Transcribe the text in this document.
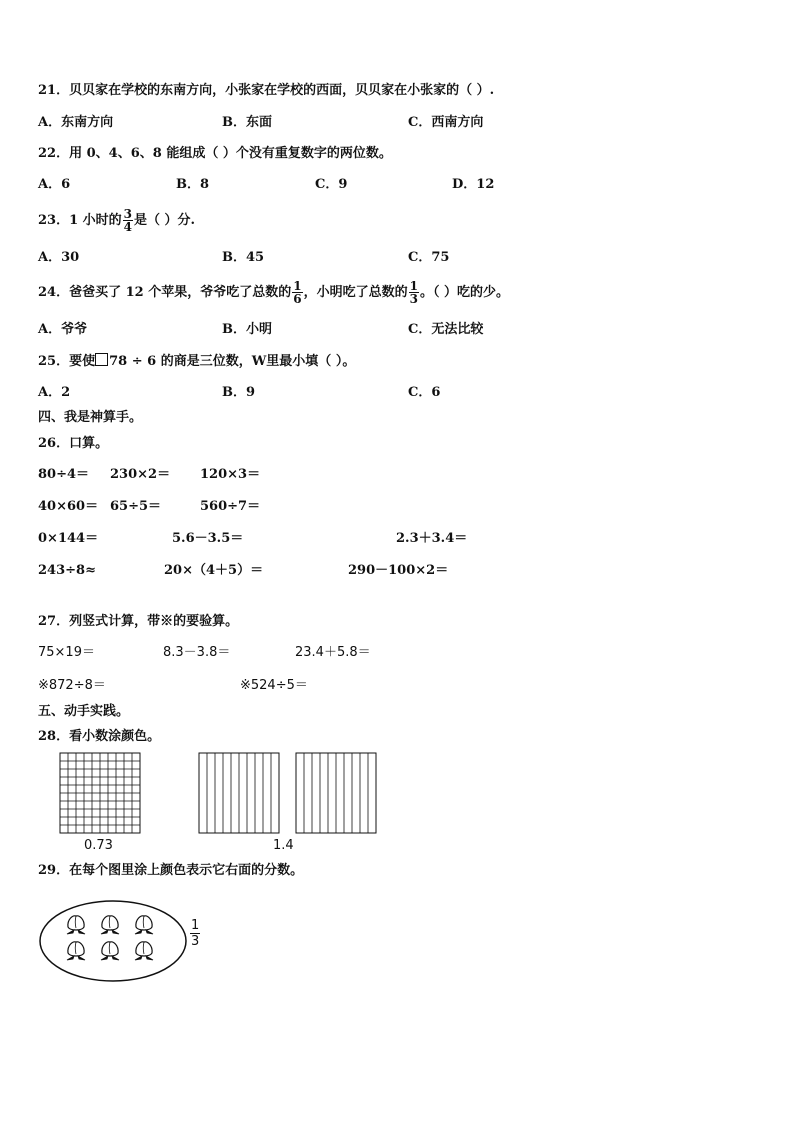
21．贝贝家在学校的东南方向，小张家在学校的西面，贝贝家在小张家的（ ）.
A．东南方向	B．东面	C．西南方向
22．用 0、4、6、8 能组成（ ）个没有重复数字的两位数。
A．6	B．8	C．9	D．12
23．1 小时的 $\frac{3}{4}$ 是（ ）分.
A．30	B．45	C．75
24．爸爸买了 12 个苹果，爷爷吃了总数的 $\frac{1}{6}$ ，小明吃了总数的 $\frac{1}{3}$ 。（ ）吃的少。
A．爷爷	B．小明	C．无法比较
25．要使 78 ÷ 6 的商是三位数，W里最小填（ ）。
A．2	B．9	C．6
四、我是神算手。
26．口算。
80÷4＝ 230×2＝ 120×3＝
40×60＝ 65÷5＝	560÷7＝
0×144＝	5.6－3.5＝	2.3＋3.4＝
243÷8≈	20×（4＋5）＝	290－100×2＝
27．列竖式计算，带※的要验算。
75×19＝	8.3－3.8＝	23.4＋5.8＝
※872÷8＝	※524÷5＝
五、动手实践。
28．看小数涂颜色。
0.73	1.4
29．在每个图里涂上颜色表示它右面的分数。
$\frac{1}{3}$
